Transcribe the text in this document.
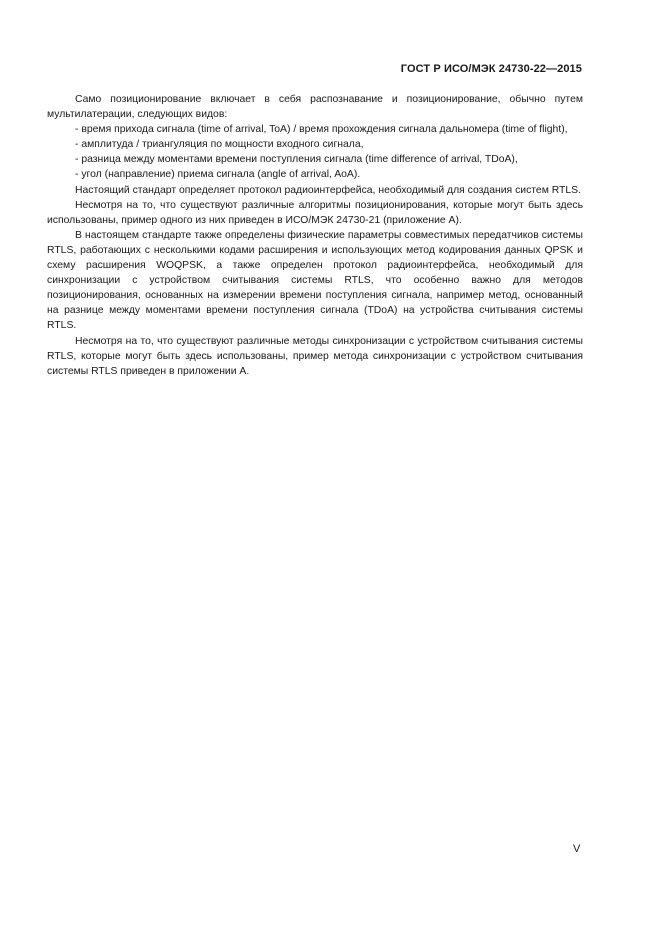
ГОСТ Р ИСО/МЭК 24730-22—2015

Само позиционирование включает в себя распознавание и позиционирование, обычно путем мультилатерации, следующих видов:

- время прихода сигнала (time of arrival, ToA) / время прохождения сигнала дальномера (time of flight),

- амплитуда / триангуляция по мощности входного сигнала,

- разница между моментами времени поступления сигнала (time difference of arrival, TDoA),

- угол (направление) приема сигнала (angle of arrival, AoA).

Настоящий стандарт определяет протокол радиоинтерфейса, необходимый для создания систем RTLS.

Несмотря на то, что существуют различные алгоритмы позиционирования, которые могут быть здесь использованы, пример одного из них приведен в ИСО/МЭК 24730-21 (приложение А).

В настоящем стандарте также определены физические параметры совместимых передатчиков системы RTLS, работающих с несколькими кодами расширения и использующих метод кодирования данных QPSK и схему расширения WOQPSK, а также определен протокол радиоинтерфейса, необходимый для синхронизации с устройством считывания системы RTLS, что особенно важно для методов позиционирования, основанных на измерении времени поступления сигнала, например метод, основанный на разнице между моментами времени поступления сигнала (TDoA) на устройства считывания системы RTLS.

Несмотря на то, что существуют различные методы синхронизации с устройством считывания системы RTLS, которые могут быть здесь использованы, пример метода синхронизации с устройством считывания системы RTLS приведен в приложении А.

V
